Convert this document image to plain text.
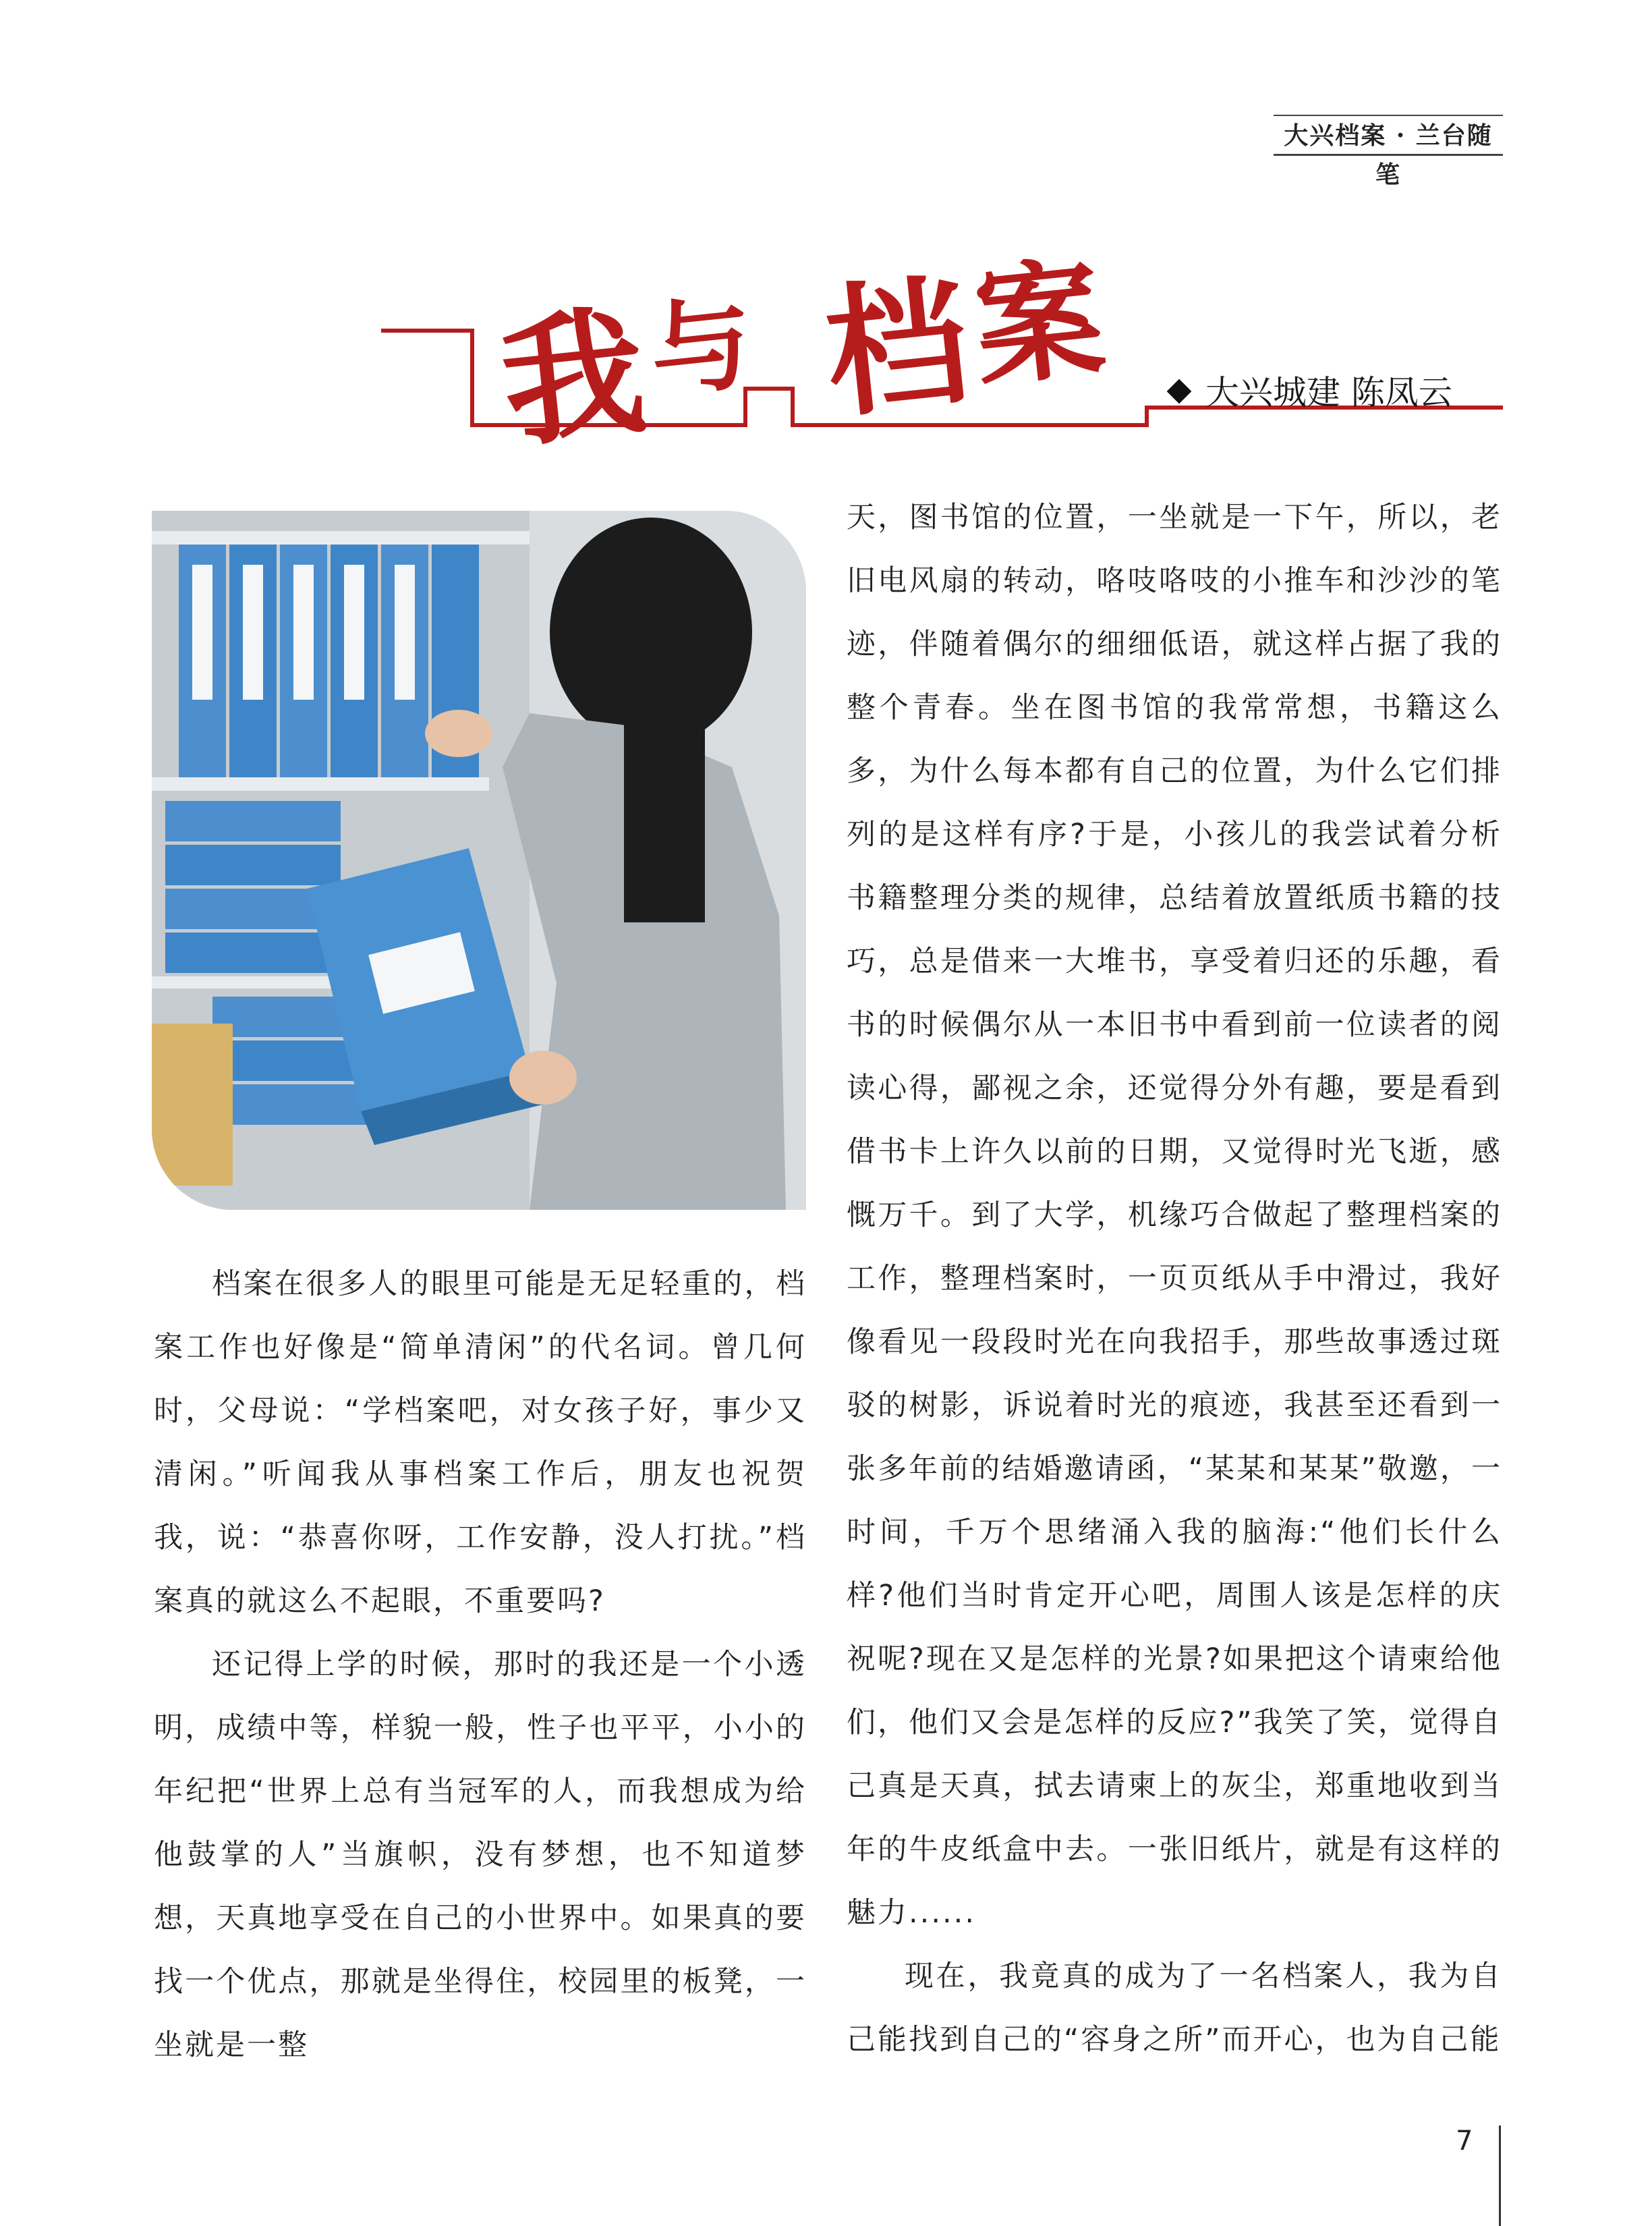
大兴档案 · 兰台随笔
我
与 档
案	大兴城建 陈凤云

档案在很多人的眼里可能是无足轻重的，档案工作也好像是“简单清闲”的代名词。曾几何时，父母说：“学档案吧，对女孩子好，事少又清闲。”听闻我从事档案工作后，朋友也祝贺我，说：“恭喜你呀，工作安静，没人打扰。”档案真的就这么不起眼，不重要吗?

还记得上学的时候，那时的我还是一个小透明，成绩中等，样貌一般，性子也平平，小小的年纪把“世界上总有当冠军的人，而我想成为给他鼓掌的人”当旗帜，没有梦想，也不知道梦想，天真地享受在自己的小世界中。如果真的要找一个优点，那就是坐得住，校园里的板凳，一坐就是一整

天，图书馆的位置，一坐就是一下午，所以，老旧电风扇的转动，咯吱咯吱的小推车和沙沙的笔迹，伴随着偶尔的细细低语，就这样占据了我的整个青春。坐在图书馆的我常常想，书籍这么多，为什么每本都有自己的位置，为什么它们排列的是这样有序?于是，小孩儿的我尝试着分析书籍整理分类的规律，总结着放置纸质书籍的技巧，总是借来一大堆书，享受着归还的乐趣，看书的时候偶尔从一本旧书中看到前一位读者的阅读心得，鄙视之余，还觉得分外有趣，要是看到借书卡上许久以前的日期，又觉得时光飞逝，感慨万千。到了大学，机缘巧合做起了整理档案的工作，整理档案时，一页页纸从手中滑过，我好像看见一段段时光在向我招手，那些故事透过斑驳的树影，诉说着时光的痕迹，我甚至还看到一张多年前的结婚邀请函，“某某和某某”敬邀，一时间，千万个思绪涌入我的脑海:“他们长什么样?他们当时肯定开心吧，周围人该是怎样的庆祝呢?现在又是怎样的光景?如果把这个请柬给他们，他们又会是怎样的反应?”我笑了笑，觉得自己真是天真，拭去请柬上的灰尘，郑重地收到当年的牛皮纸盒中去。一张旧纸片，就是有这样的魅力......

现在，我竟真的成为了一名档案人，我为自己能找到自己的“容身之所”而开心，也为自己能

7
